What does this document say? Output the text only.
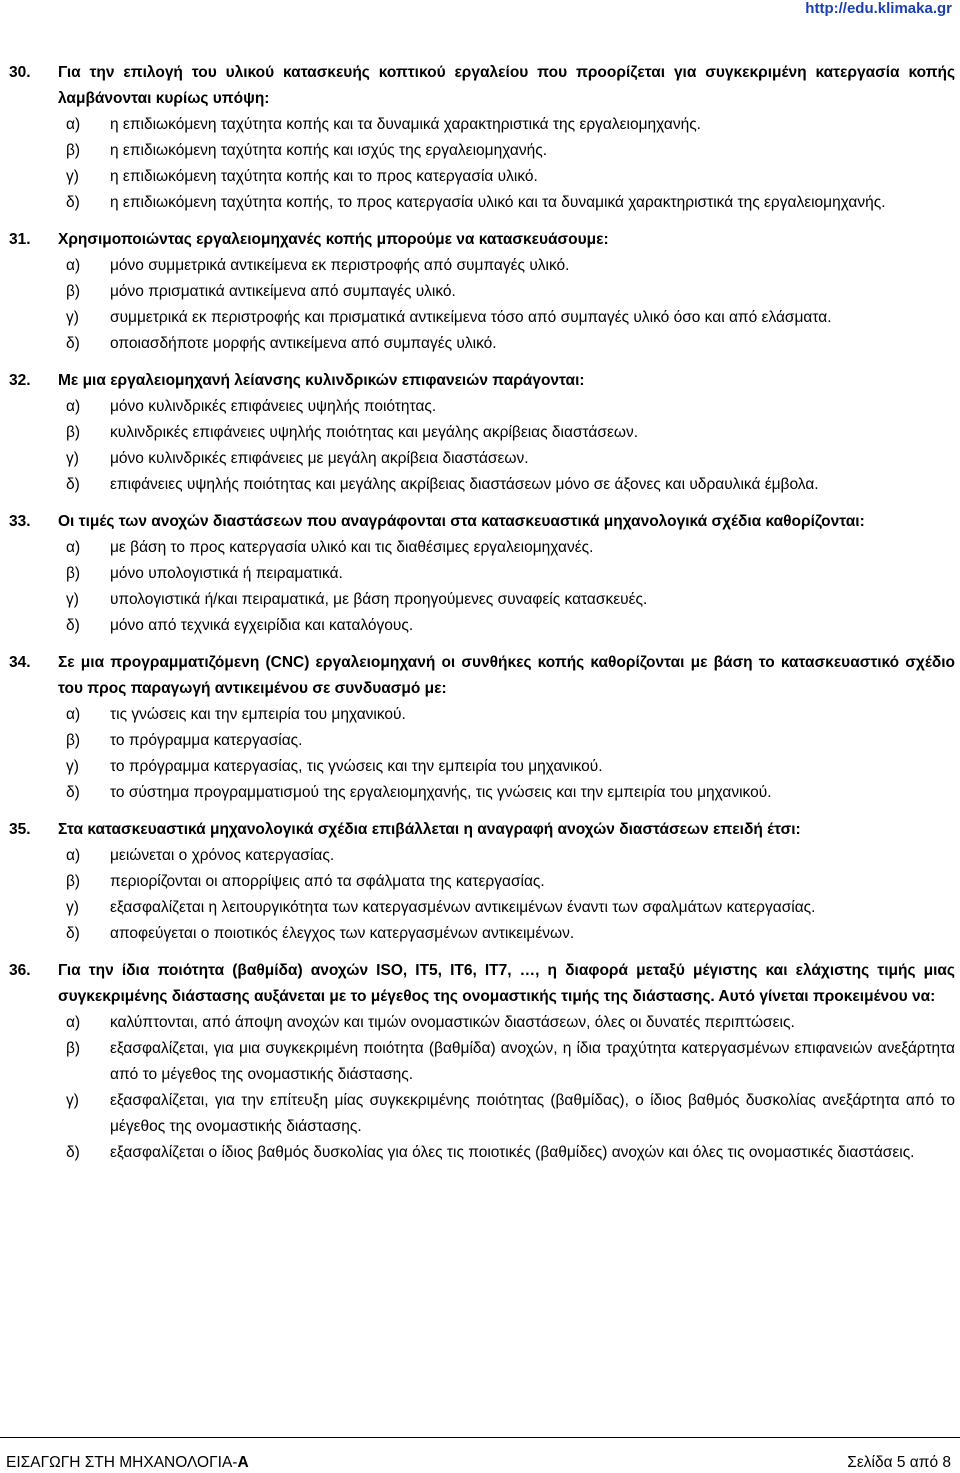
http://edu.klimaka.gr
30.	Για την επιλογή του υλικού κατασκευής κοπτικού εργαλείου που προορίζεται για συγκεκριμένη κατεργασία κοπής λαμβάνονται κυρίως υπόψη:
α)	η επιδιωκόμενη ταχύτητα κοπής και τα δυναμικά χαρακτηριστικά της εργαλειομηχανής.
β)	η επιδιωκόμενη ταχύτητα κοπής και ισχύς της εργαλειομηχανής.
γ)	η επιδιωκόμενη ταχύτητα κοπής και το προς κατεργασία υλικό.
δ)	η επιδιωκόμενη ταχύτητα κοπής, το προς κατεργασία υλικό και τα δυναμικά χαρακτηριστικά της εργαλειομηχανής.
31.	Χρησιμοποιώντας εργαλειομηχανές κοπής μπορούμε να κατασκευάσουμε:
α)	μόνο συμμετρικά αντικείμενα εκ περιστροφής από συμπαγές υλικό.
β)	μόνο πρισματικά αντικείμενα από συμπαγές υλικό.
γ)	συμμετρικά εκ περιστροφής και πρισματικά αντικείμενα τόσο από συμπαγές υλικό όσο και από ελάσματα.
δ)	οποιασδήποτε μορφής αντικείμενα από συμπαγές υλικό.
32.	Με μια εργαλειομηχανή λείανσης κυλινδρικών επιφανειών παράγονται:
α)	μόνο κυλινδρικές επιφάνειες υψηλής ποιότητας.
β)	κυλινδρικές επιφάνειες υψηλής ποιότητας και μεγάλης ακρίβειας διαστάσεων.
γ)	μόνο κυλινδρικές επιφάνειες με μεγάλη ακρίβεια διαστάσεων.
δ)	επιφάνειες υψηλής ποιότητας και μεγάλης ακρίβειας διαστάσεων μόνο σε άξονες και υδραυλικά έμβολα.
33.	Οι τιμές των ανοχών διαστάσεων που αναγράφονται στα κατασκευαστικά μηχανολογικά σχέδια καθορίζονται:
α)	με βάση το προς κατεργασία υλικό και τις διαθέσιμες εργαλειομηχανές.
β)	μόνο υπολογιστικά ή πειραματικά.
γ)	υπολογιστικά ή/και πειραματικά, με βάση προηγούμενες συναφείς κατασκευές.
δ)	μόνο από τεχνικά εγχειρίδια και καταλόγους.
34.	Σε μια προγραμματιζόμενη (CNC) εργαλειομηχανή οι συνθήκες κοπής καθορίζονται με βάση το κατασκευαστικό σχέδιο του προς παραγωγή αντικειμένου σε συνδυασμό με:
α)	τις γνώσεις και την εμπειρία του μηχανικού.
β)	το πρόγραμμα κατεργασίας.
γ)	το πρόγραμμα κατεργασίας, τις γνώσεις και την εμπειρία του μηχανικού.
δ)	το σύστημα προγραμματισμού της εργαλειομηχανής, τις γνώσεις και την εμπειρία του μηχανικού.
35.	Στα κατασκευαστικά μηχανολογικά σχέδια επιβάλλεται η αναγραφή ανοχών διαστάσεων επειδή έτσι:
α)	μειώνεται ο χρόνος κατεργασίας.
β)	περιορίζονται οι απορρίψεις από τα σφάλματα της κατεργασίας.
γ)	εξασφαλίζεται η λειτουργικότητα των κατεργασμένων αντικειμένων έναντι των σφαλμάτων κατεργασίας.
δ)	αποφεύγεται ο ποιοτικός έλεγχος των κατεργασμένων αντικειμένων.
36.	Για την ίδια ποιότητα (βαθμίδα) ανοχών ISO, IT5, IT6, IT7, …, η διαφορά μεταξύ μέγιστης και ελάχιστης τιμής μιας συγκεκριμένης διάστασης αυξάνεται με το μέγεθος της ονομαστικής τιμής της διάστασης. Αυτό γίνεται προκειμένου να:
α)	καλύπτονται, από άποψη ανοχών και τιμών ονομαστικών διαστάσεων, όλες οι δυνατές περιπτώσεις.
β)	εξασφαλίζεται, για μια συγκεκριμένη ποιότητα (βαθμίδα) ανοχών, η ίδια τραχύτητα κατεργασμένων επιφανειών ανεξάρτητα από το μέγεθος της ονομαστικής διάστασης.
γ)	εξασφαλίζεται, για την επίτευξη μίας συγκεκριμένης ποιότητας (βαθμίδας), ο ίδιος βαθμός δυσκολίας ανεξάρτητα από το μέγεθος της ονομαστικής διάστασης.
δ)	εξασφαλίζεται ο ίδιος βαθμός δυσκολίας για όλες τις ποιοτικές (βαθμίδες) ανοχών και όλες τις ονομαστικές διαστάσεις.
ΕΙΣΑΓΩΓΗ ΣΤΗ ΜΗΧΑΝΟΛΟΓΙΑ-Α	Σελίδα 5 από 8
